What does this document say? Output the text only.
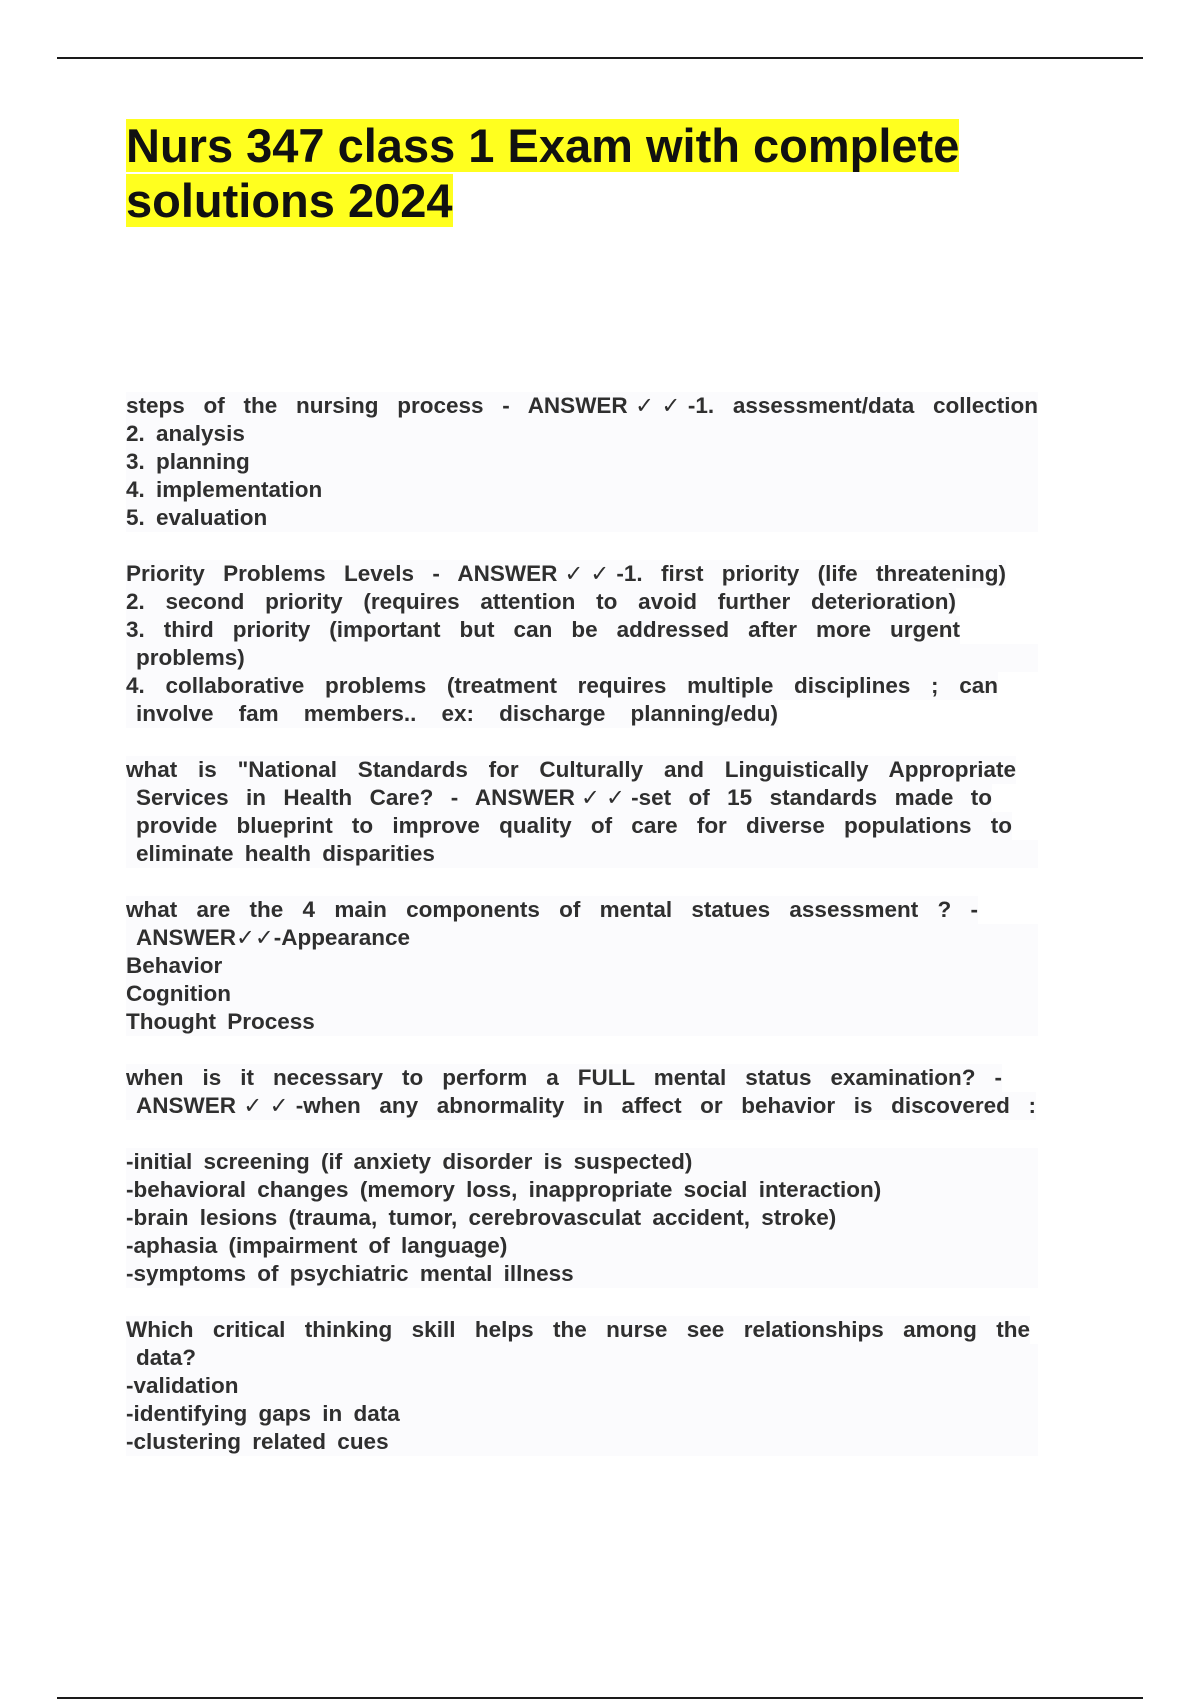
Nurs 347 class 1 Exam with complete
solutions 2024
steps of the nursing process - ANSWER✓✓-1. assessment/data collection
2. analysis
3. planning
4. implementation
5. evaluation
Priority Problems Levels - ANSWER✓✓-1. first priority (life threatening)
2. second priority (requires attention to avoid further deterioration)
3. third priority (important but can be addressed after more urgent
problems)
4. collaborative problems (treatment requires multiple disciplines ; can
involve fam members.. ex: discharge planning/edu)
what is "National Standards for Culturally and Linguistically Appropriate
Services in Health Care? - ANSWER✓✓-set of 15 standards made to
provide blueprint to improve quality of care for diverse populations to
eliminate health disparities
what are the 4 main components of mental statues assessment ? -
ANSWER✓✓-Appearance
Behavior
Cognition
Thought Process
when is it necessary to perform a FULL mental status examination? -
ANSWER✓✓-when any abnormality in affect or behavior is discovered :
-initial screening (if anxiety disorder is suspected)
-behavioral changes (memory loss, inappropriate social interaction)
-brain lesions (trauma, tumor, cerebrovasculat accident, stroke)
-aphasia (impairment of language)
-symptoms of psychiatric mental illness
Which critical thinking skill helps the nurse see relationships among the
data?
-validation
-identifying gaps in data
-clustering related cues
